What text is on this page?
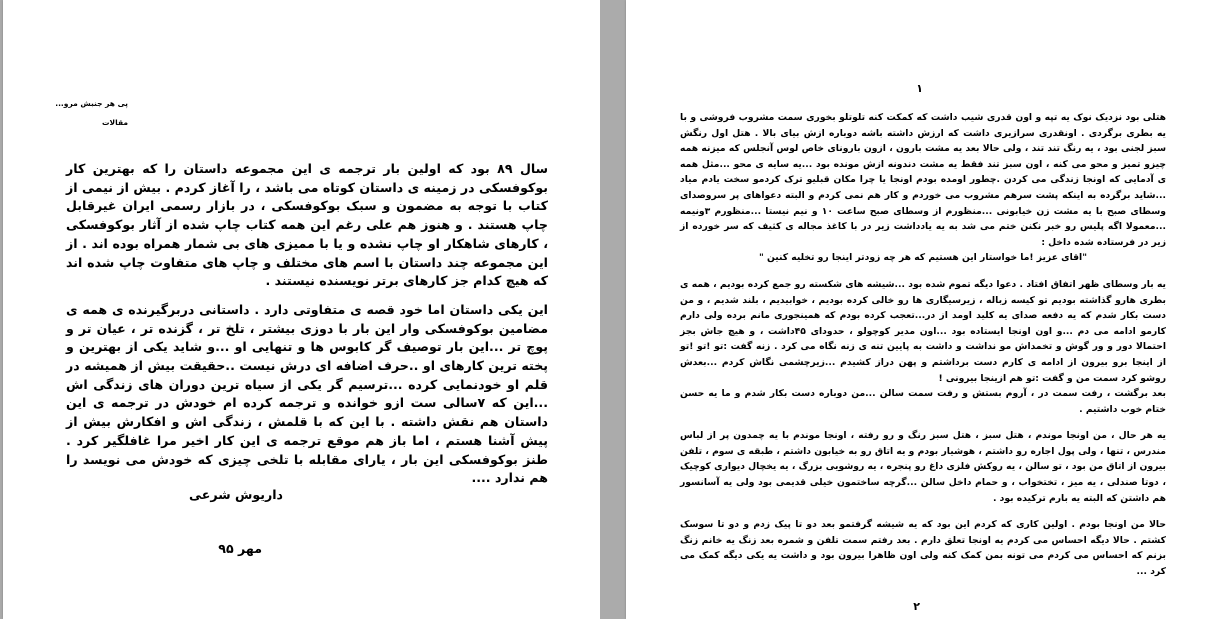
پی هر جنبش مرو...
مقالات

سال ۸۹ بود که اولین بار ترجمه ی این مجموعه داستان را که بهترین کار بوکوفسکی در زمینه ی داستان کوتاه می باشد ، را آغاز کردم . بیش از نیمی از کتاب با توجه به مضمون و سبک بوکوفسکی ، در بازار رسمی ایران غیرقابل چاپ هستند . و هنوز هم علی رغم این همه کتاب چاپ شده از آثار بوکوفسکی ، کارهای شاهکار او چاپ نشده و یا با ممیزی های بی شمار همراه بوده اند . از این مجموعه چند داستان با اسم های مختلف و چاپ های متفاوت چاپ شده اند که هیچ کدام جز کارهای برتر نویسنده نیستند .

این یکی داستان اما خود قصه ی متفاوتی دارد . داستانی دربرگیرنده ی همه ی مضامین بوکوفسکی وار این بار با دوزی بیشتر ، تلخ تر ، گزنده تر ، عیان تر و پوچ تر ...این بار توصیف گر کابوس ها و تنهایی او ...و شاید یکی از بهترین و پخته ترین کارهای او ..حرف اضافه ای درش نیست ..حقیقت بیش از همیشه در قلم او خودنمایی کرده ...ترسیم گر یکی از سیاه ترین دوران های زندگی اش ...این که ۷سالی ست ازو خوانده و ترجمه کرده ام خودش در ترجمه ی این داستان هم نقش داشته . با این که با قلمش ، زندگی اش و افکارش بیش از پیش آشنا هستم ، اما باز هم موقع ترجمه ی این کار اخیر مرا غافلگیر کرد . طنز بوکوفسکی این بار ، یارای مقابله با تلخی چیزی که خودش می نویسد را هم ندارد ....

داریوش شرعی
مهر ۹۵
۱

هتلی بود نزدیک نوک یه تپه و اون قدری شیب داشت که کمکت کنه تلوتلو بخوری سمت مشروب فروشی و با یه بطری برگردی . اونقدری سرازیری داشت که ارزش داشته باشه دوباره ازش بیای بالا . هتل اول رنگش سبز لجنی بود ، یه رنگ تند تند ، ولی حالا بعد یه مشت بارون ، ازون بارونای خاص لوس آنجلس که میزنه همه چیزو تمیز و محو می کنه ، اون سبز تند فقط یه مشت دندونه ازش مونده بود ...یه سایه ی محو ...مثل همه ی آدمایی که اونجا زندگی می کردن .چطور اومده بودم اونجا یا چرا مکان قبلیو ترک کردمو سخت یادم میاد ...شاید برگرده به اینکه پشت سرهم مشروب می خوردم و کار هم نمی کردم و البته دعواهای پر سروصدای وسطای صبح با یه مشت زن خیابونی ...منظورم از وسطای صبح ساعت ۱۰ و نیم نیستا ...منظورم ۳ونیمه ...معمولا اگه پلیس رو خبر نکنن ختم می شد به یه یادداشت زیر در با کاغذ مجاله ی کثیف که سر خورده از زیر در فرستاده شده داخل :

"اقای عزیز !ما خواستار این هستیم که هر چه زودتر اینجا رو تخلیه کنین "

یه بار وسطای ظهر اتفاق افتاد . دعوا دیگه تموم شده بود ...شیشه های شکسته رو جمع کرده بودیم ، همه ی بطری هارو گذاشته بودیم تو کیسه زباله ، زیرسیگاری ها رو خالی کرده بودیم ، خوابیدیم ، بلند شدیم ، و من دست بکار شدم که یه دفعه صدای یه کلید اومد از در...تعجب کرده بودم که همینجوری مانم برده ولی دارم کارمو ادامه می دم ...و اون اونجا ایستاده بود ...اون مدیر کوچولو ، حدودای ۴۵داشت ، و هیچ جاش بجز احتمالا دور و ور گوش و تخمداش مو نداشت و داشت به پایین تنه ی زنه نگاه می کرد . زنه گفت :تو !تو !تو از اینجا برو بیرون از ادامه ی کارم دست برداشتم و پهن دراز کشیدم ...زیرچشمی نگاش کردم ...بعدش روشو کرد سمت من و گفت :تو هم ازینجا بیرونی !

بعد برگشت ، رفت سمت در ، آروم بستش و رفت سمت سالن ...من دوباره دست بکار شدم و ما یه حسن ختام خوب داشتیم .

یه هر حال ، من اونجا موندم ، هتل سبز ، هتل سبز رنگ و رو رفته ، اونجا موندم با یه چمدون پر از لباس مندرس ، تنها ، ولی پول اجاره رو داشتم ، هوشیار بودم و یه اتاق رو به خیابون داشتم ، طبقه ی سوم ، تلفن بیرون از اتاق من بود ، تو سالن ، یه روکش فلزی داغ رو پنجره ، یه روشویی بزرگ ، یه یخچال دیواری کوچیک ، دوتا صندلی ، یه میز ، تختخواب ، و حمام داخل سالن ...گرچه ساختمون خیلی قدیمی بود ولی یه آسانسور هم داشتن که البته یه بارم ترکیده بود .

حالا من اونجا بودم . اولین کاری که کردم این بود که یه شیشه گرفتمو بعد دو تا پیک زدم و دو تا سوسک کشتم . حالا دیگه احساس می کردم یه اونجا تعلق دارم . بعد رفتم سمت تلفن و شمره بعد زنگ یه خانم زنگ بزنم که احساس می کردم می تونه بمن کمک کنه ولی اون ظاهرا بیرون بود و داشت یه یکی دیگه کمک می کرد ...

۲
